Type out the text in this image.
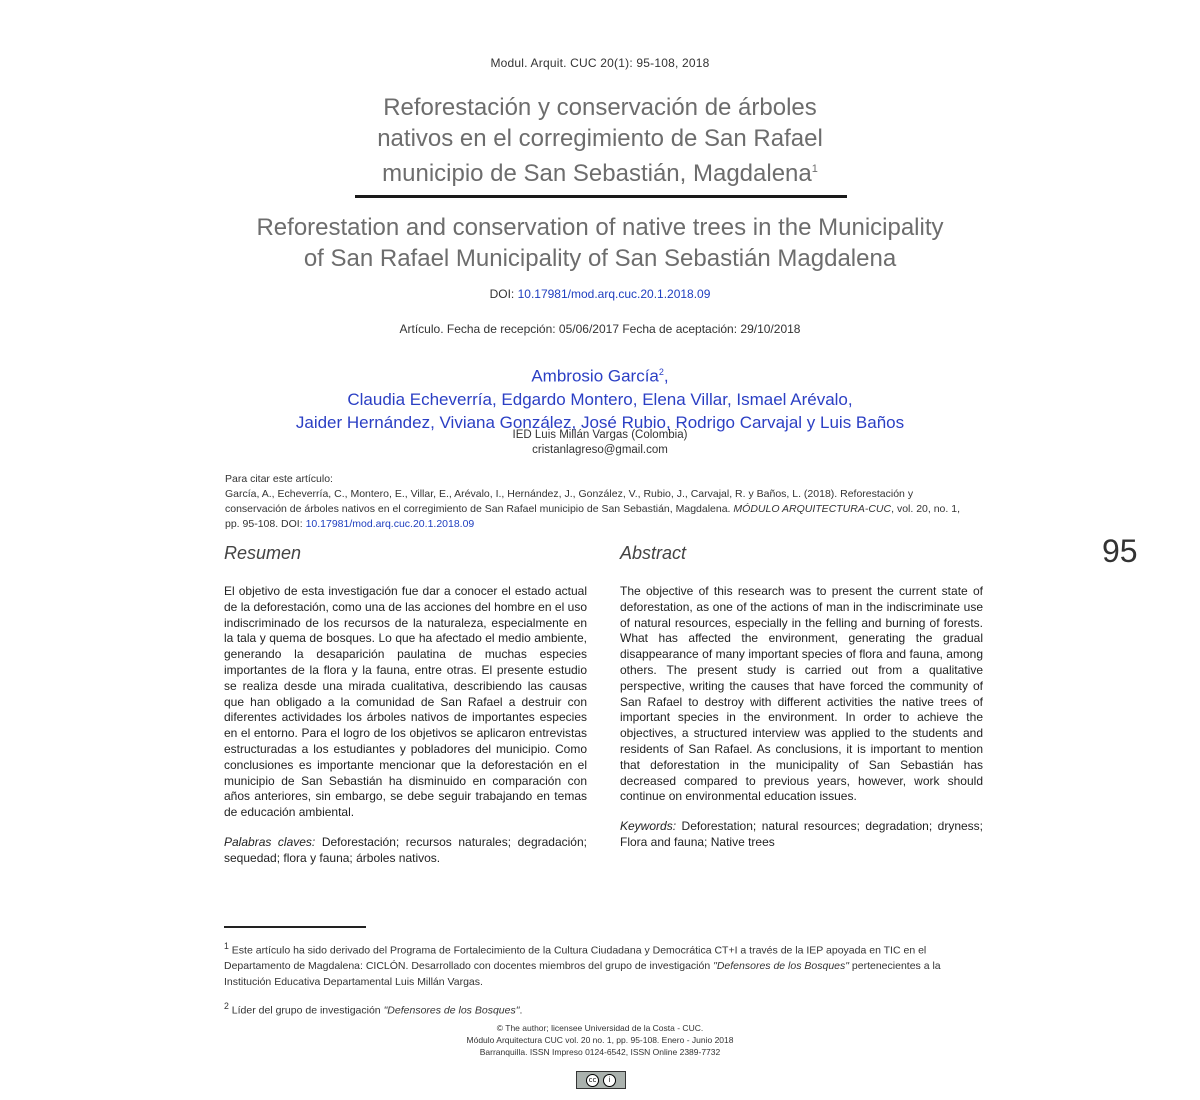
Modul. Arquit. CUC 20(1): 95-108, 2018
Reforestación y conservación de árboles
nativos en el corregimiento de San Rafael
municipio de San Sebastián, Magdalena$^1$
Reforestation and conservation of native trees in the Municipality
of San Rafael Municipality of San Sebastián Magdalena
DOI: 10.17981/mod.arq.cuc.20.1.2018.09
Artículo. Fecha de recepción: 05/06/2017 Fecha de aceptación: 29/10/2018
Ambrosio García$^2$,
Claudia Echeverría, Edgardo Montero, Elena Villar, Ismael Arévalo,
Jaider Hernández, Viviana González, José Rubio, Rodrigo Carvajal y Luis Baños
IED Luis Millán Vargas (Colombia)
cristanlagreso@gmail.com
Para citar este artículo:
García, A., Echeverría, C., Montero, E., Villar, E., Arévalo, I., Hernández, J., González, V., Rubio, J., Carvajal, R. y Baños, L. (2018). Reforestación y conservación de árboles nativos en el corregimiento de San Rafael municipio de San Sebastián, Magdalena. MÓDULO ARQUITECTURA-CUC, vol. 20, no. 1, pp. 95-108. DOI: 10.17981/mod.arq.cuc.20.1.2018.09
95
Resumen

El objetivo de esta investigación fue dar a conocer el estado actual de la deforestación, como una de las acciones del hombre en el uso indiscriminado de los recursos de la naturaleza, especialmente en la tala y quema de bosques. Lo que ha afectado el medio ambiente, generando la desaparición paulatina de muchas especies importantes de la flora y la fauna, entre otras. El presente estudio se realiza desde una mirada cualitativa, describiendo las causas que han obligado a la comunidad de San Rafael a destruir con diferentes actividades los árboles nativos de importantes especies en el entorno. Para el logro de los objetivos se aplicaron entrevistas estructuradas a los estudiantes y pobladores del municipio. Como conclusiones es importante mencionar que la deforestación en el municipio de San Sebastián ha disminuido en comparación con años anteriores, sin embargo, se debe seguir trabajando en temas de educación ambiental.

Palabras claves: Deforestación; recursos naturales; degradación; sequedad; flora y fauna; árboles nativos.

Abstract

The objective of this research was to present the current state of deforestation, as one of the actions of man in the indiscriminate use of natural resources, especially in the felling and burning of forests. What has affected the environment, generating the gradual disappearance of many important species of flora and fauna, among others. The present study is carried out from a qualitative perspective, writing the causes that have forced the community of San Rafael to destroy with different activities the native trees of important species in the environment. In order to achieve the objectives, a structured interview was applied to the students and residents of San Rafael. As conclusions, it is important to mention that deforestation in the municipality of San Sebastián has decreased compared to previous years, however, work should continue on environmental education issues.

Keywords: Deforestation; natural resources; degradation; dryness; Flora and fauna; Native trees

$^1$ Este artículo ha sido derivado del Programa de Fortalecimiento de la Cultura Ciudadana y Democrática CT+I a través de la IEP apoyada en TIC en el Departamento de Magdalena: CICLÓN. Desarrollado con docentes miembros del grupo de investigación "Defensores de los Bosques" pertenecientes a la Institución Educativa Departamental Luis Millán Vargas.

$^2$ Líder del grupo de investigación "Defensores de los Bosques".

© The author; licensee Universidad de la Costa - CUC.
Módulo Arquitectura CUC vol. 20 no. 1, pp. 95-108. Enero - Junio 2018
Barranquilla. ISSN Impreso 0124-6542, ISSN Online 2389-7732
cc	i
